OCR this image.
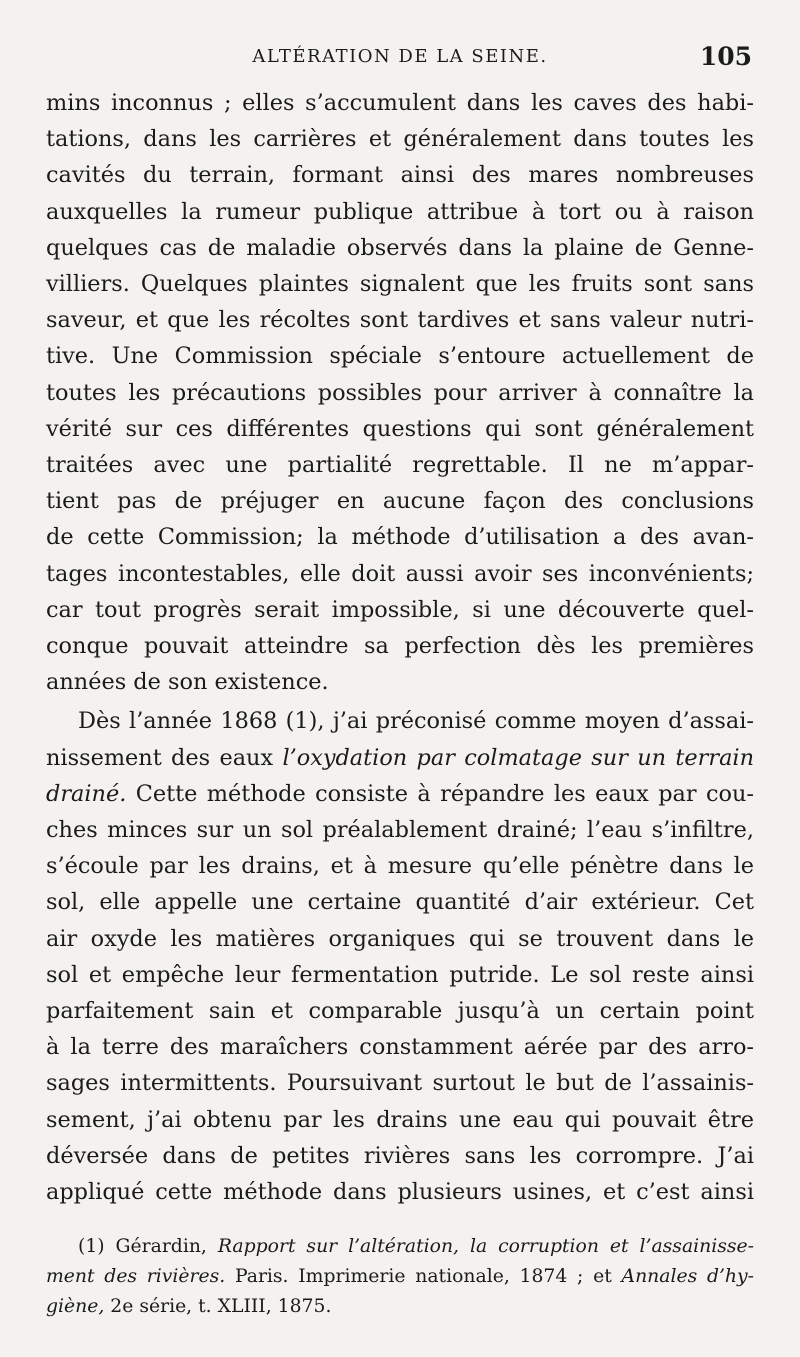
ALTÉRATION DE LA SEINE.	105
mins inconnus ; elles s’accumulent dans les caves des habi-
tations, dans les carrières et généralement dans toutes les
cavités du terrain, formant ainsi des mares nombreuses
auxquelles la rumeur publique attribue à tort ou à raison
quelques cas de maladie observés dans la plaine de Genne-
villiers. Quelques plaintes signalent que les fruits sont sans
saveur, et que les récoltes sont tardives et sans valeur nutri-
tive. Une Commission spéciale s’entoure actuellement de
toutes les précautions possibles pour arriver à connaître la
vérité sur ces différentes questions qui sont généralement
traitées avec une partialité regrettable. Il ne m’appar-
tient pas de préjuger en aucune façon des conclusions
de cette Commission; la méthode d’utilisation a des avan-
tages incontestables, elle doit aussi avoir ses inconvénients;
car tout progrès serait impossible, si une découverte quel-
conque pouvait atteindre sa perfection dès les premières
années de son existence.
Dès l’année 1868 (1), j’ai préconisé comme moyen d’assai-
nissement des eaux l’oxydation par colmatage sur un terrain
drainé. Cette méthode consiste à répandre les eaux par cou-
ches minces sur un sol préalablement drainé; l’eau s’infiltre,
s’écoule par les drains, et à mesure qu’elle pénètre dans le
sol, elle appelle une certaine quantité d’air extérieur. Cet
air oxyde les matières organiques qui se trouvent dans le
sol et empêche leur fermentation putride. Le sol reste ainsi
parfaitement sain et comparable jusqu’à un certain point
à la terre des maraîchers constamment aérée par des arro-
sages intermittents. Poursuivant surtout le but de l’assainis-
sement, j’ai obtenu par les drains une eau qui pouvait être
déversée dans de petites rivières sans les corrompre. J’ai
appliqué cette méthode dans plusieurs usines, et c’est ainsi
(1) Gérardin, Rapport sur l’altération, la corruption et l’assainisse-
ment des rivières. Paris. Imprimerie nationale, 1874 ; et Annales d’hy-
giène, 2e série, t. XLIII, 1875.
